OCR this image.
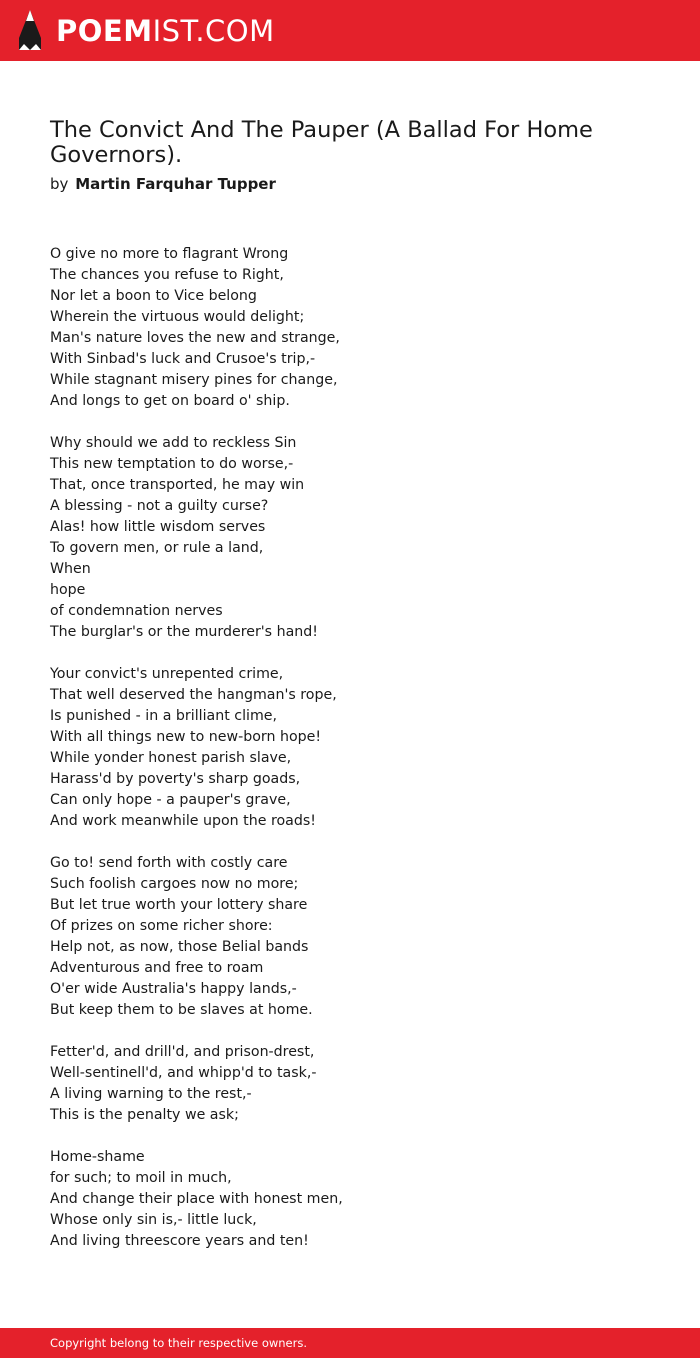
POEMIST.COM
The Convict And The Pauper (A Ballad For Home Governors).
by Martin Farquhar Tupper
O give no more to flagrant Wrong
The chances you refuse to Right,
Nor let a boon to Vice belong
Wherein the virtuous would delight;
Man's nature loves the new and strange,
With Sinbad's luck and Crusoe's trip,-
While stagnant misery pines for change,
And longs to get on board o' ship.
Why should we add to reckless Sin
This new temptation to do worse,-
That, once transported, he may win
A blessing - not a guilty curse?
Alas! how little wisdom serves
To govern men, or rule a land,
When
hope
of condemnation nerves
The burglar's or the murderer's hand!
Your convict's unrepented crime,
That well deserved the hangman's rope,
Is punished - in a brilliant clime,
With all things new to new-born hope!
While yonder honest parish slave,
Harass'd by poverty's sharp goads,
Can only hope - a pauper's grave,
And work meanwhile upon the roads!
Go to! send forth with costly care
Such foolish cargoes now no more;
But let true worth your lottery share
Of prizes on some richer shore:
Help not, as now, those Belial bands
Adventurous and free to roam
O'er wide Australia's happy lands,-
But keep them to be slaves at home.
Fetter'd, and drill'd, and prison-drest,
Well-sentinell'd, and whipp'd to task,-
A living warning to the rest,-
This is the penalty we ask;
Home-shame
for such; to moil in much,
And change their place with honest men,
Whose only sin is,- little luck,
And living threescore years and ten!
Copyright belong to their respective owners.
